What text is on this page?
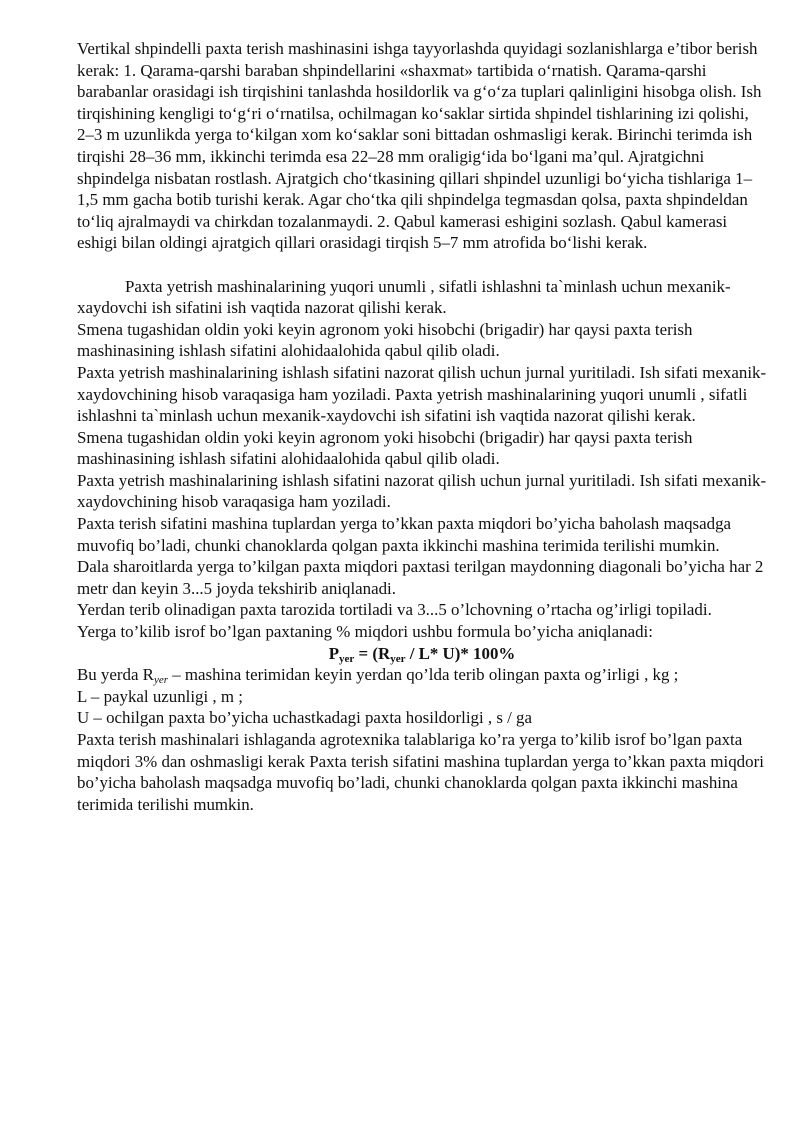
Vertikal shpindelli paxta terish mashinasini ishga tayyorlashda quyidagi sozlanishlarga e’tibor berish kerak: 1. Qarama-qarshi baraban shpindellarini «shaxmat» tartibida o‘rnatish. Qarama-qarshi barabanlar orasidagi ish tirqishini tanlashda hosildorlik va g‘o‘za tuplari qalinligini hisobga olish. Ish tirqishining kengligi to‘g‘ri o‘rnatilsa, ochilmagan ko‘saklar sirtida shpindel tishlarining izi qolishi, 2–3 m uzunlikda yerga to‘kilgan xom ko‘saklar soni bittadan oshmasligi kerak. Birinchi terimda ish tirqishi 28–36 mm, ikkinchi terimda esa 22–28 mm oraligig‘ida bo‘lgani ma’qul. Ajratgichni shpindelga nisbatan rostlash. Ajratgich cho‘tkasining qillari shpindel uzunligi bo‘yicha tishlariga 1–1,5 mm gacha botib turishi kerak. Agar cho‘tka qili shpindelga tegmasdan qolsa, paxta shpindeldan to‘liq ajralmaydi va chirkdan tozalanmaydi. 2. Qabul kamerasi eshigini sozlash. Qabul kamerasi eshigi bilan oldingi ajratgich qillari orasidagi tirqish 5–7 mm atrofida bo‘lishi kerak.

Paxta yetrish mashinalarining yuqori unumli , sifatli ishlashni ta`minlash uchun mexanik-xaydovchi ish sifatini ish vaqtida nazorat qilishi kerak.

Smena tugashidan oldin yoki keyin agronom yoki hisobchi (brigadir) har qaysi paxta terish mashinasining ishlash sifatini alohidaalohida qabul qilib oladi.

Paxta yetrish mashinalarining ishlash sifatini nazorat qilish uchun jurnal yuritiladi. Ish sifati mexanik-xaydovchining hisob varaqasiga ham yoziladi. Paxta yetrish mashinalarining yuqori unumli , sifatli ishlashni ta`minlash uchun mexanik-xaydovchi ish sifatini ish vaqtida nazorat qilishi kerak.

Smena tugashidan oldin yoki keyin agronom yoki hisobchi (brigadir) har qaysi paxta terish mashinasining ishlash sifatini alohidaalohida qabul qilib oladi.

Paxta yetrish mashinalarining ishlash sifatini nazorat qilish uchun jurnal yuritiladi. Ish sifati mexanik-xaydovchining hisob varaqasiga ham yoziladi.

Paxta terish sifatini mashina tuplardan yerga to’kkan paxta miqdori bo’yicha baholash maqsadga muvofiq bo’ladi, chunki chanoklarda qolgan paxta ikkinchi mashina terimida terilishi mumkin.

Dala sharoitlarda yerga to’kilgan paxta miqdori paxtasi terilgan maydonning diagonali bo’yicha har 2 metr dan keyin 3...5 joyda tekshirib aniqlanadi.

Yerdan terib olinadigan paxta tarozida tortiladi va 3...5 o’lchovning o’rtacha og’irligi topiladi.

Yerga to’kilib isrof bo’lgan paxtaning % miqdori ushbu formula bo’yicha aniqlanadi:

$P_{yer} = (R_{yer} / L*$ U)* 100%

Bu yerda $R_{yer}$ – mashina terimidan keyin yerdan qo’lda terib olingan paxta og’irligi , kg ;

L – paykal uzunligi , m ;

U – ochilgan paxta bo’yicha uchastkadagi paxta hosildorligi , s / ga

Paxta terish mashinalari ishlaganda agrotexnika talablariga ko’ra yerga to’kilib isrof bo’lgan paxta miqdori 3% dan oshmasligi kerak Paxta terish sifatini mashina tuplardan yerga to’kkan paxta miqdori bo’yicha baholash maqsadga muvofiq bo’ladi, chunki chanoklarda qolgan paxta ikkinchi mashina terimida terilishi mumkin.
